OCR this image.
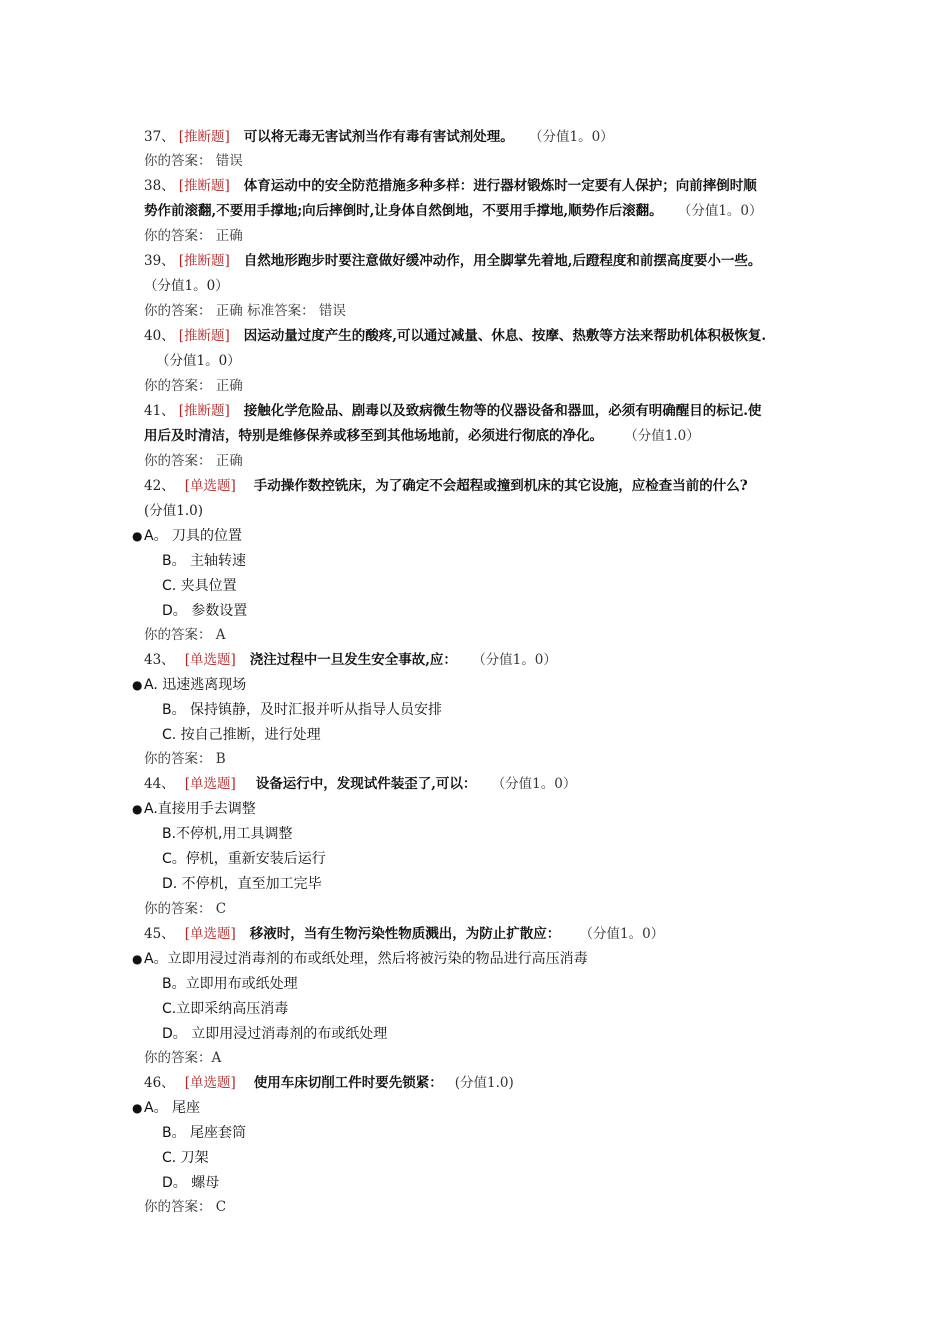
37、 [推断题] 可以将无毒无害试剂当作有毒有害试剂处理。 （分值1。0）
你的答案： 错误
38、 [推断题] 体育运动中的安全防范措施多种多样：进行器材锻炼时一定要有人保护；向前摔倒时顺
势作前滚翻,不要用手撑地;向后摔倒时,让身体自然倒地，不要用手撑地,顺势作后滚翻。 （分值1。0）
你的答案： 正确
39、 [推断题] 自然地形跑步时要注意做好缓冲动作，用全脚掌先着地,后蹬程度和前摆高度要小一些。
（分值1。0）
你的答案： 正确 标准答案： 错误
40、 [推断题] 因运动量过度产生的酸疼,可以通过减量、休息、按摩、热敷等方法来帮助机体积极恢复.
（分值1。0）
你的答案： 正确
41、 [推断题] 接触化学危险品、剧毒以及致病微生物等的仪器设备和器皿，必须有明确醒目的标记.使
用后及时清洁，特别是维修保养或移至到其他场地前，必须进行彻底的净化。 （分值1.0）
你的答案： 正确
42、 [单选题] 手动操作数控铣床，为了确定不会超程或撞到机床的其它设施，应检查当前的什么?
(分值1.0)
● A。 刀具的位置
B。 主轴转速
C. 夹具位置
D。 参数设置
你的答案： A
43、 [单选题] 浇注过程中一旦发生安全事故,应： （分值1。0）
● A. 迅速逃离现场
B。 保持镇静，及时汇报并听从指导人员安排
C. 按自己推断，进行处理
你的答案： B
44、 [单选题] 设备运行中，发现试件装歪了,可以： （分值1。0）
● A.直接用手去调整
B.不停机,用工具调整
C。停机，重新安装后运行
D. 不停机，直至加工完毕
你的答案： C
45、 [单选题] 移液时，当有生物污染性物质溅出，为防止扩散应： （分值1。0）
● A。立即用浸过消毒剂的布或纸处理，然后将被污染的物品进行高压消毒
B。立即用布或纸处理
C.立即采纳高压消毒
D。 立即用浸过消毒剂的布或纸处理
你的答案：A
46、 [单选题] 使用车床切削工件时要先锁紧： (分值1.0)
● A。 尾座
B。 尾座套筒
C. 刀架
D。 螺母
你的答案： C
